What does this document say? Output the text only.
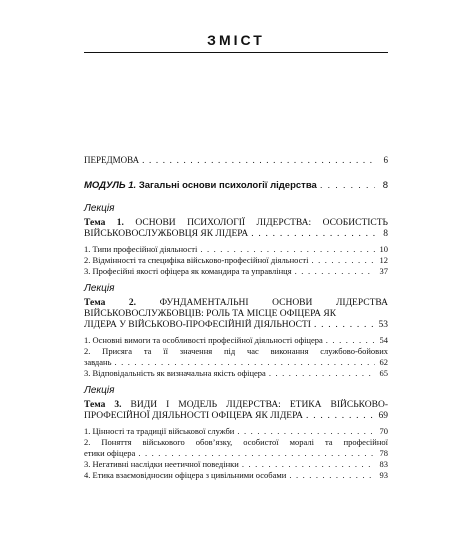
ЗМІСТ
ПЕРЕДМОВА . . .	6
МОДУЛЬ 1. Загальні основи психології лідерства . . .	8
Лекція
Тема 1. ОСНОВИ ПСИХОЛОГІЇ ЛІДЕРСТВА: ОСОБИСТІСТЬ
ВІЙСЬКОВОСЛУЖБОВЦЯ ЯК ЛІДЕРА . . .	8
1. Типи професійної діяльності . . .	10
2. Відмінності та специфіка військово-професійної діяльності . . .	12
3. Професійні якості офіцера як командира та управлінця . . .	37
Лекція
Тема 2. ФУНДАМЕНТАЛЬНІ ОСНОВИ ЛІДЕРСТВА ВІЙСЬКОВОСЛУЖБОВЦІВ: РОЛЬ ТА МІСЦЕ ОФІЦЕРА ЯК
ЛІДЕРА У ВІЙСЬКОВО-ПРОФЕСІЙНІЙ ДІЯЛЬНОСТІ . . .	53
1. Основні вимоги та особливості професійної діяльності офіцера . . .	54
2. Присяга та її значення під час виконання службово-бойових
завдань . . .	62
3. Відповідальність як визначальна якість офіцера . . .	65
Лекція
Тема 3. ВИДИ І МОДЕЛЬ ЛІДЕРСТВА: ЕТИКА ВІЙСЬКОВО-
ПРОФЕСІЙНОЇ ДІЯЛЬНОСТІ ОФІЦЕРА ЯК ЛІДЕРА . . .	69
1. Цінності та традиції військової служби . . .	70
2. Поняття військового обов’язку, особистої моралі та професійної
етики офіцера . . .	78
3. Негативні наслідки неетичної поведінки . . .	83
4. Етика взаємовідносин офіцера з цивільними особами . . .	93
